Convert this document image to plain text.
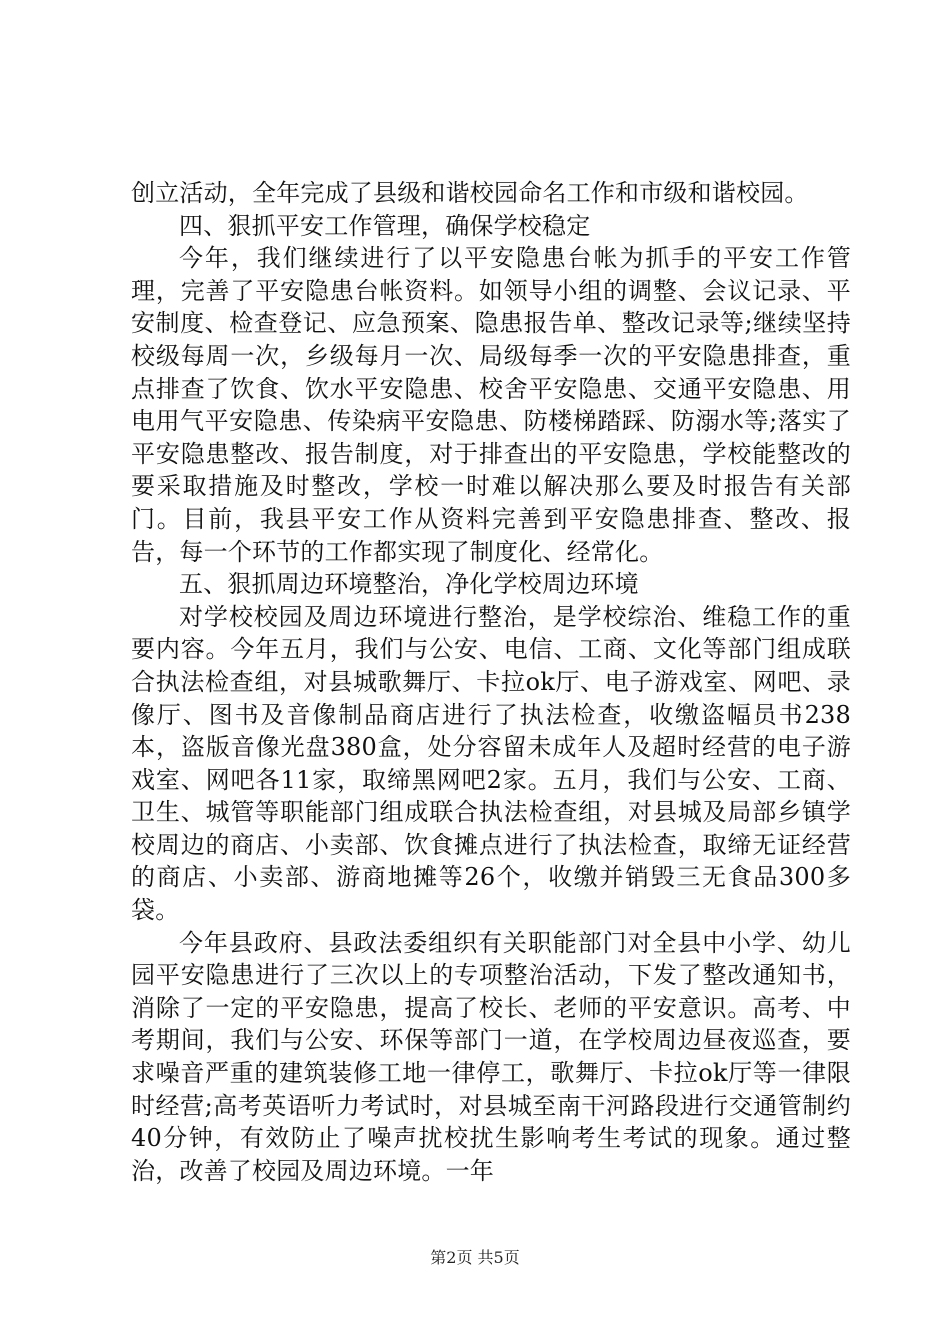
创立活动，全年完成了县级和谐校园命名工作和市级和谐校园。

四、狠抓平安工作管理，确保学校稳定

今年，我们继续进行了以平安隐患台帐为抓手的平安工作管理，完善了平安隐患台帐资料。如领导小组的调整、会议记录、平安制度、检查登记、应急预案、隐患报告单、整改记录等;继续坚持校级每周一次，乡级每月一次、局级每季一次的平安隐患排查，重点排查了饮食、饮水平安隐患、校舍平安隐患、交通平安隐患、用电用气平安隐患、传染病平安隐患、防楼梯踏踩、防溺水等;落实了平安隐患整改、报告制度，对于排查出的平安隐患，学校能整改的要采取措施及时整改，学校一时难以解决那么要及时报告有关部门。目前，我县平安工作从资料完善到平安隐患排查、整改、报告，每一个环节的工作都实现了制度化、经常化。

五、狠抓周边环境整治，净化学校周边环境

对学校校园及周边环境进行整治，是学校综治、维稳工作的重要内容。今年五月，我们与公安、电信、工商、文化等部门组成联合执法检查组，对县城歌舞厅、卡拉ok厅、电子游戏室、网吧、录像厅、图书及音像制品商店进行了执法检查，收缴盗幅员书238本，盗版音像光盘380盒，处分容留未成年人及超时经营的电子游戏室、网吧各11家，取缔黑网吧2家。五月，我们与公安、工商、卫生、城管等职能部门组成联合执法检查组，对县城及局部乡镇学校周边的商店、小卖部、饮食摊点进行了执法检查，取缔无证经营的商店、小卖部、游商地摊等26个，收缴并销毁三无食品300多袋。

今年县政府、县政法委组织有关职能部门对全县中小学、幼儿园平安隐患进行了三次以上的专项整治活动，下发了整改通知书，消除了一定的平安隐患，提高了校长、老师的平安意识。高考、中考期间，我们与公安、环保等部门一道，在学校周边昼夜巡查，要求噪音严重的建筑装修工地一律停工，歌舞厅、卡拉ok厅等一律限时经营;高考英语听力考试时，对县城至南干河路段进行交通管制约40分钟，有效防止了噪声扰校扰生影响考生考试的现象。通过整治，改善了校园及周边环境。一年

第2页 共5页
